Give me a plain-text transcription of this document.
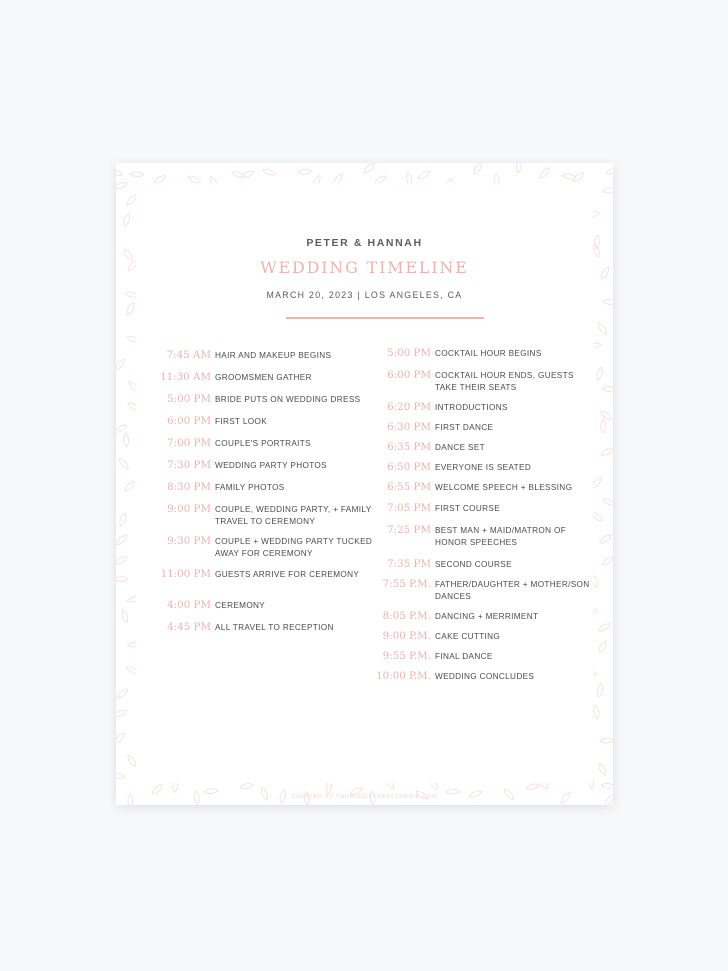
PETER & HANNAH
WEDDING TIMELINE
MARCH 20, 2023 | LOS ANGELES, CA
7:45 AM HAIR AND MAKEUP BEGINS
11:30 AM GROOMSMEN GATHER
5:00 PM BRIDE PUTS ON WEDDING DRESS
6:00 PM FIRST LOOK
7:00 PM COUPLE'S PORTRAITS
7:30 PM WEDDING PARTY PHOTOS
8:30 PM FAMILY PHOTOS
9:00 PM COUPLE, WEDDING PARTY, + FAMILY TRAVEL TO CEREMONY
9:30 PM COUPLE + WEDDING PARTY TUCKED AWAY FOR CEREMONY
11:00 PM GUESTS ARRIVE FOR CEREMONY
4:00 PM CEREMONY
4:45 PM ALL TRAVEL TO RECEPTION
5:00 PM COCKTAIL HOUR BEGINS
6:00 PM COCKTAIL HOUR ENDS, GUESTS TAKE THEIR SEATS
6:20 PM INTRODUCTIONS
6:30 PM FIRST DANCE
6:35 PM DANCE SET
6:50 PM EVERYONE IS SEATED
6:55 PM WELCOME SPEECH + BLESSING
7:05 PM FIRST COURSE
7:25 PM BEST MAN + MAID/MATRON OF HONOR SPEECHES
7:35 PM SECOND COURSE
7:55 P.M. FATHER/DAUGHTER + MOTHER/SON DANCES
8:05 P.M. DANCING + MERRIMENT
9:00 P.M. CAKE CUTTING
9:55 P.M. FINAL DANCE
10:00 P.M. WEDDING CONCLUDES
CREATED BY THEBUDGETSAVVYBRIDE.COM
